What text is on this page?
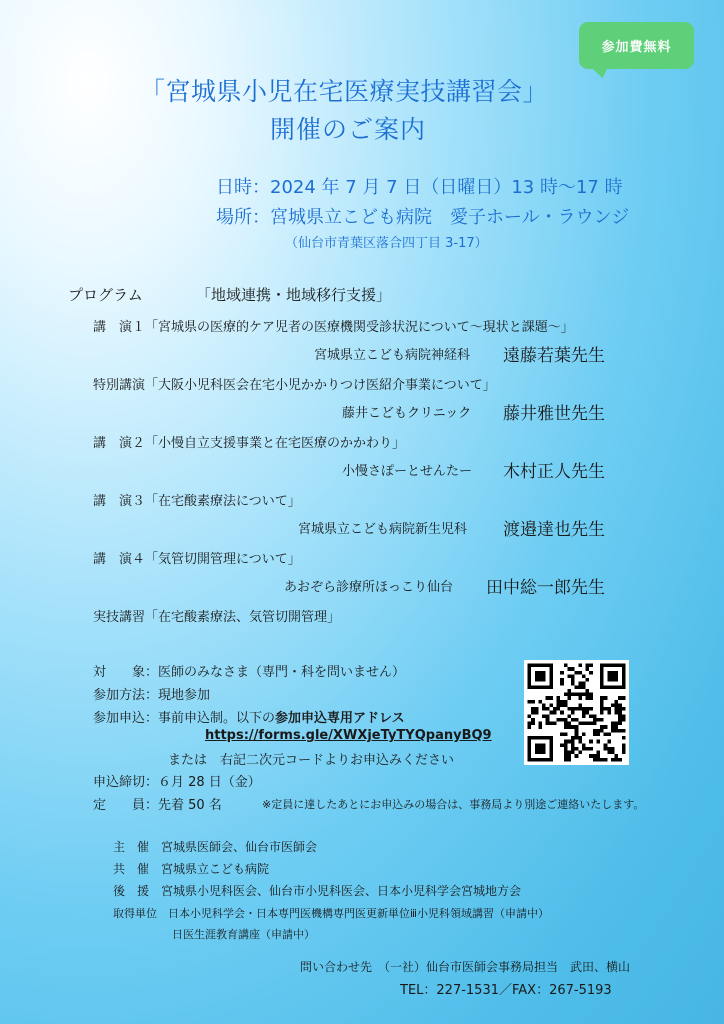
参加費無料
「宮城県小児在宅医療実技講習会」
開催のご案内
日時：2024 年 7 月 7 日（日曜日）13 時～17 時
場所：宮城県立こども病院　愛子ホール・ラウンジ
（仙台市青葉区落合四丁目 3-17）
プログラム	「地域連携・地域移行支援」
講　演１「宮城県の医療的ケア児者の医療機関受診状況について～現状と課題～」
宮城県立こども病院神経科 遠藤若葉先生
特別講演「大阪小児科医会在宅小児かかりつけ医紹介事業について」
藤井こどもクリニック 藤井雅世先生
講　演２「小慢自立支援事業と在宅医療のかかわり」
小慢さぽーとせんたー 木村正人先生
講　演３「在宅酸素療法について」
宮城県立こども病院新生児科 渡邉達也先生
講　演４「気管切開管理について」
あおぞら診療所ほっこり仙台 田中総一郎先生
実技講習「在宅酸素療法、気管切開管理」
対　　象：医師のみなさま（専門・科を問いません）
参加方法：現地参加
参加申込：事前申込制。以下の参加申込専用アドレス
https://forms.gle/XWXjeTyTYQpanyBQ9
または　右記二次元コードよりお申込みください
申込締切：６月 28 日（金）
定　　員：先着 50 名	※定員に達したあとにお申込みの場合は、事務局より別途ご連絡いたします。
主　催　宮城県医師会、仙台市医師会
共　催　宮城県立こども病院
後　援　宮城県小児科医会、仙台市小児科医会、日本小児科学会宮城地方会
取得単位　日本小児科学会・日本専門医機構専門医更新単位ⅲ小児科領域講習（申請中）
日医生涯教育講座（申請中）
問い合わせ先　（一社）仙台市医師会事務局担当　武田、横山
TEL：227-1531／FAX：267-5193
